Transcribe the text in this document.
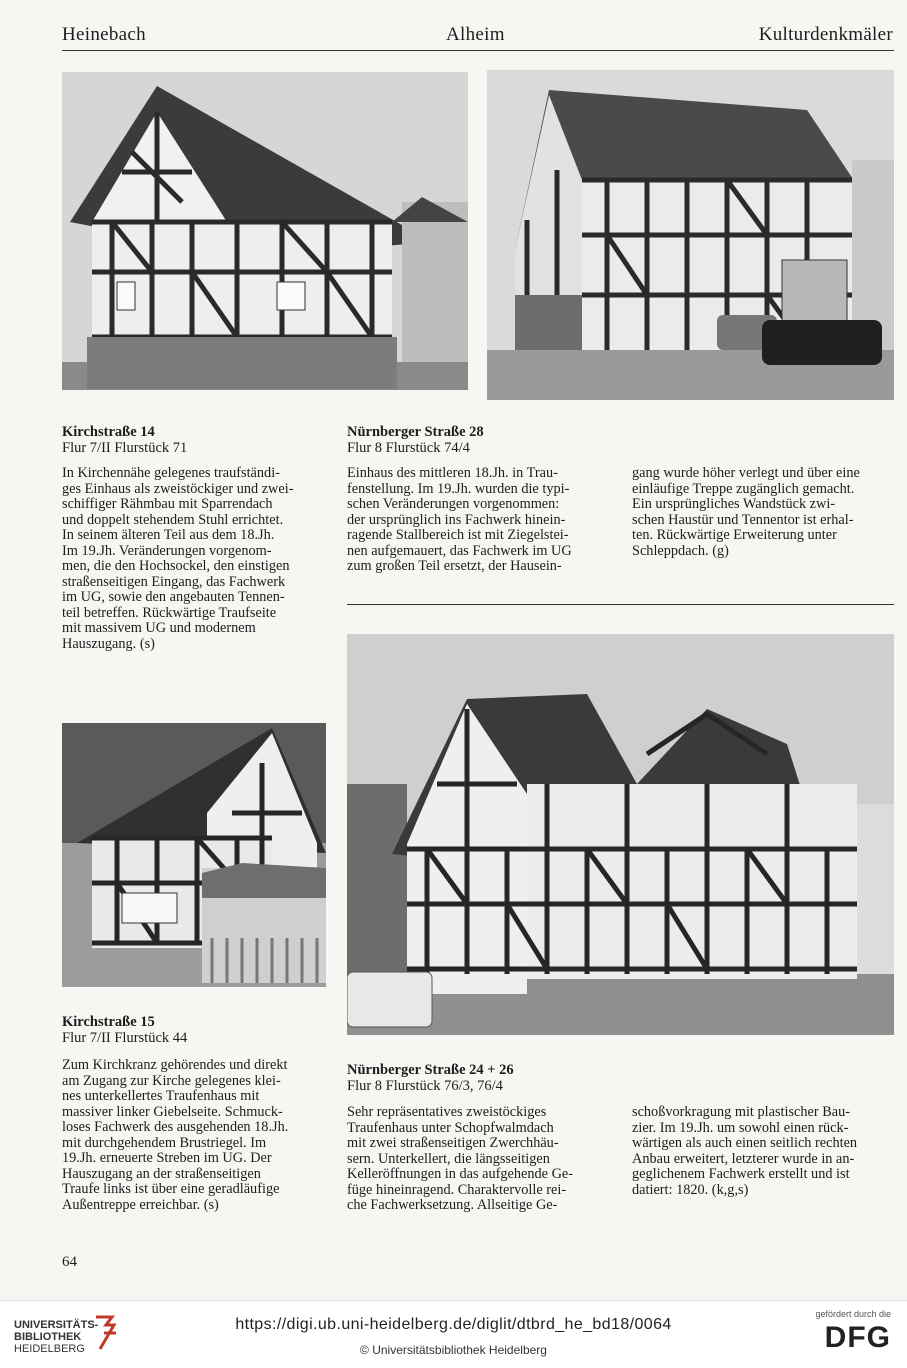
Heinebach	Alheim	Kulturdenkmäler
Kirchstraße 14
Flur 7/II Flurstück 71
In Kirchennähe gelegenes traufständi-
ges Einhaus als zweistöckiger und zwei-
schiffiger Rähmbau mit Sparrendach
und doppelt stehendem Stuhl errichtet.
In seinem älteren Teil aus dem 18.Jh.
Im 19.Jh. Veränderungen vorgenom-
men, die den Hochsockel, den einstigen
straßenseitigen Eingang, das Fachwerk
im UG, sowie den angebauten Tennen-
teil betreffen. Rückwärtige Traufseite
mit massivem UG und modernem
Hauszugang. (s)
Nürnberger Straße 28
Flur 8 Flurstück 74/4
Einhaus des mittleren 18.Jh. in Trau-
fenstellung. Im 19.Jh. wurden die typi-
schen Veränderungen vorgenommen:
der ursprünglich ins Fachwerk hinein-
ragende Stallbereich ist mit Ziegelstei-
nen aufgemauert, das Fachwerk im UG
zum großen Teil ersetzt, der Hausein-
gang wurde höher verlegt und über eine
einläufige Treppe zugänglich gemacht.
Ein ursprüngliches Wandstück zwi-
schen Haustür und Tennentor ist erhal-
ten. Rückwärtige Erweiterung unter
Schleppdach. (g)
Kirchstraße 15
Flur 7/II Flurstück 44
Zum Kirchkranz gehörendes und direkt
am Zugang zur Kirche gelegenes klei-
nes unterkellertes Traufenhaus mit
massiver linker Giebelseite. Schmuck-
loses Fachwerk des ausgehenden 18.Jh.
mit durchgehendem Brustriegel. Im
19.Jh. erneuerte Streben im UG. Der
Hauszugang an der straßenseitigen
Traufe links ist über eine geradläufige
Außentreppe erreichbar. (s)
Nürnberger Straße 24 + 26
Flur 8 Flurstück 76/3, 76/4
Sehr repräsentatives zweistöckiges
Traufenhaus unter Schopfwalmdach
mit zwei straßenseitigen Zwerchhäu-
sern. Unterkellert, die längsseitigen
Kelleröffnungen in das aufgehende Ge-
füge hineinragend. Charaktervolle rei-
che Fachwerksetzung. Allseitige Ge-
schoßvorkragung mit plastischer Bau-
zier. Im 19.Jh. um sowohl einen rück-
wärtigen als auch einen seitlich rechten
Anbau erweitert, letzterer wurde in an-
geglichenem Fachwerk erstellt und ist
datiert: 1820. (k,g,s)
64
UNIVERSITÄTS-
BIBLIOTHEK
HEIDELBERG
https://digi.ub.uni-heidelberg.de/diglit/dtbrd_he_bd18/0064
© Universitätsbibliothek Heidelberg
gefördert durch die
DFG
